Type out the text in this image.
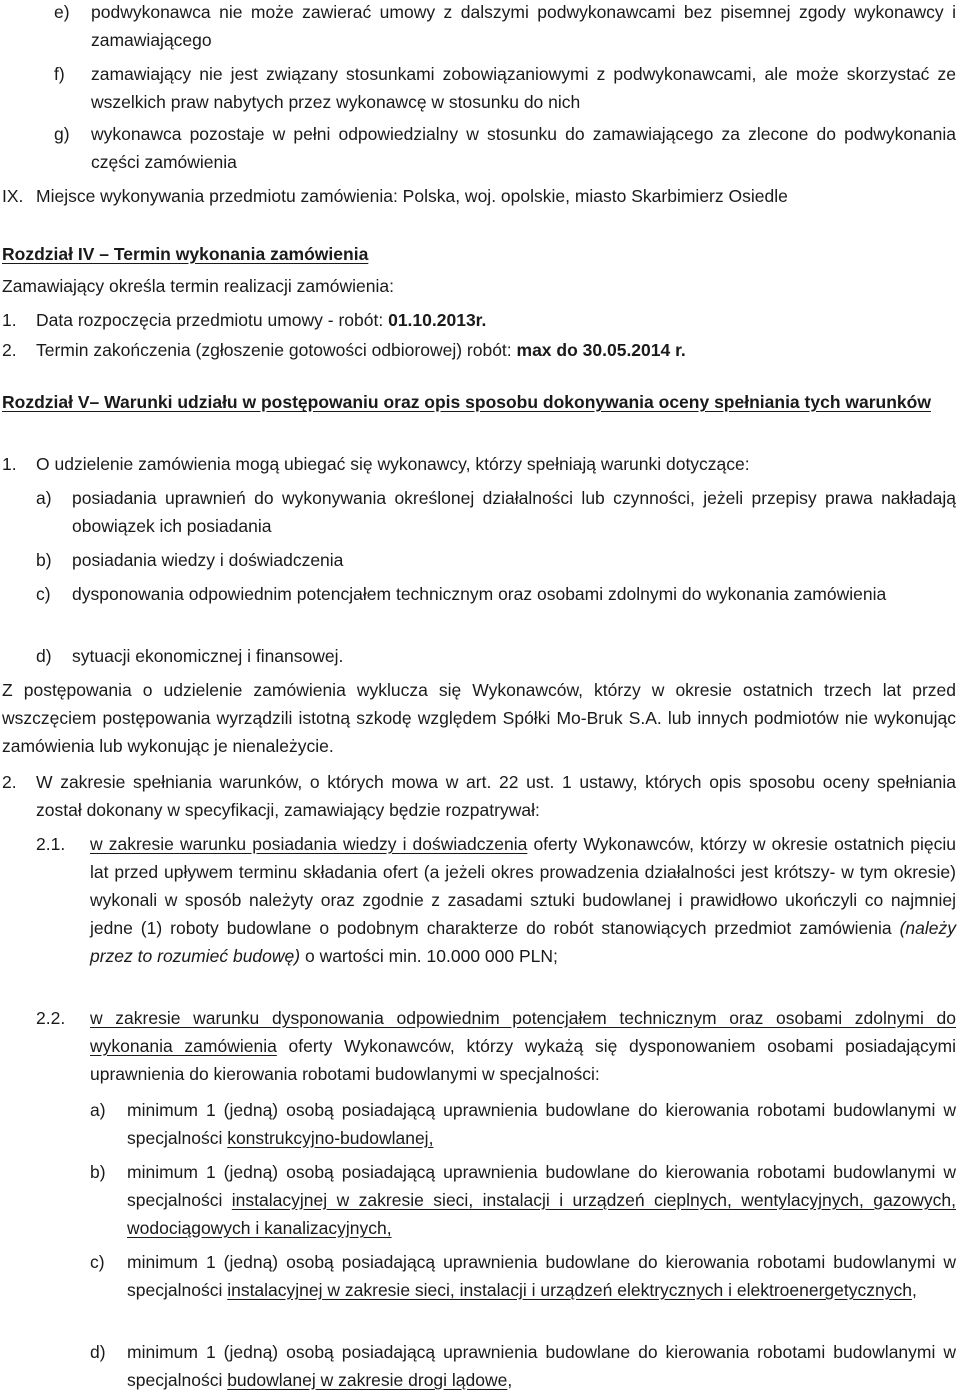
e)	podwykonawca nie może zawierać umowy z dalszymi podwykonawcami bez pisemnej zgody wykonawcy i zamawiającego
f)	zamawiający nie jest związany stosunkami zobowiązaniowymi z podwykonawcami, ale może skorzystać ze wszelkich praw nabytych przez wykonawcę w stosunku do nich
g)	wykonawca pozostaje w pełni odpowiedzialny w stosunku do zamawiającego za zlecone do podwykonania części zamówienia
IX. Miejsce wykonywania przedmiotu zamówienia: Polska, woj. opolskie, miasto Skarbimierz Osiedle
Rozdział IV – Termin wykonania zamówienia
Zamawiający określa termin realizacji zamówienia:
1.	Data rozpoczęcia przedmiotu umowy - robót: 01.10.2013r.
2.	Termin zakończenia (zgłoszenie gotowości odbiorowej) robót: max do 30.05.2014 r.
Rozdział V– Warunki udziału w postępowaniu oraz opis sposobu dokonywania oceny spełniania tych warunków
1.	O udzielenie zamówienia mogą ubiegać się wykonawcy, którzy spełniają warunki dotyczące:
a)	posiadania uprawnień do wykonywania określonej działalności lub czynności, jeżeli przepisy prawa nakładają obowiązek ich posiadania
b)	posiadania wiedzy i doświadczenia
c)	dysponowania odpowiednim potencjałem technicznym oraz osobami zdolnymi do wykonania zamówienia
d)	sytuacji ekonomicznej i finansowej.
Z postępowania o udzielenie zamówienia wyklucza się Wykonawców, którzy w okresie ostatnich trzech lat przed wszczęciem postępowania wyrządzili istotną szkodę względem Spółki Mo-Bruk S.A. lub innych podmiotów nie wykonując zamówienia lub wykonując je nienależycie.
2.	W zakresie spełniania warunków, o których mowa w art. 22 ust. 1 ustawy, których opis sposobu oceny spełniania został dokonany w specyfikacji, zamawiający będzie rozpatrywał:
2.1.	w zakresie warunku posiadania wiedzy i doświadczenia oferty Wykonawców, którzy w okresie ostatnich pięciu lat przed upływem terminu składania ofert (a jeżeli okres prowadzenia działalności jest krótszy- w tym okresie) wykonali w sposób należyty oraz zgodnie z zasadami sztuki budowlanej i prawidłowo ukończyli co najmniej jedne (1) roboty budowlane o podobnym charakterze do robót stanowiących przedmiot zamówienia (należy przez to rozumieć budowę) o wartości min. 10.000 000 PLN;
2.2.	w zakresie warunku dysponowania odpowiednim potencjałem technicznym oraz osobami zdolnymi do wykonania zamówienia oferty Wykonawców, którzy wykażą się dysponowaniem osobami posiadającymi uprawnienia do kierowania robotami budowlanymi w specjalności:
a)	minimum 1 (jedną) osobą posiadającą uprawnienia budowlane do kierowania robotami budowlanymi w specjalności konstrukcyjno-budowlanej,
b)	minimum 1 (jedną) osobą posiadającą uprawnienia budowlane do kierowania robotami budowlanymi w specjalności instalacyjnej w zakresie sieci, instalacji i urządzeń cieplnych, wentylacyjnych, gazowych, wodociągowych i kanalizacyjnych,
c)	minimum 1 (jedną) osobą posiadającą uprawnienia budowlane do kierowania robotami budowlanymi w specjalności instalacyjnej w zakresie sieci, instalacji i urządzeń elektrycznych i elektroenergetycznych,
d)	minimum 1 (jedną) osobą posiadającą uprawnienia budowlane do kierowania robotami budowlanymi w specjalności budowlanej w zakresie drogi lądowe,
